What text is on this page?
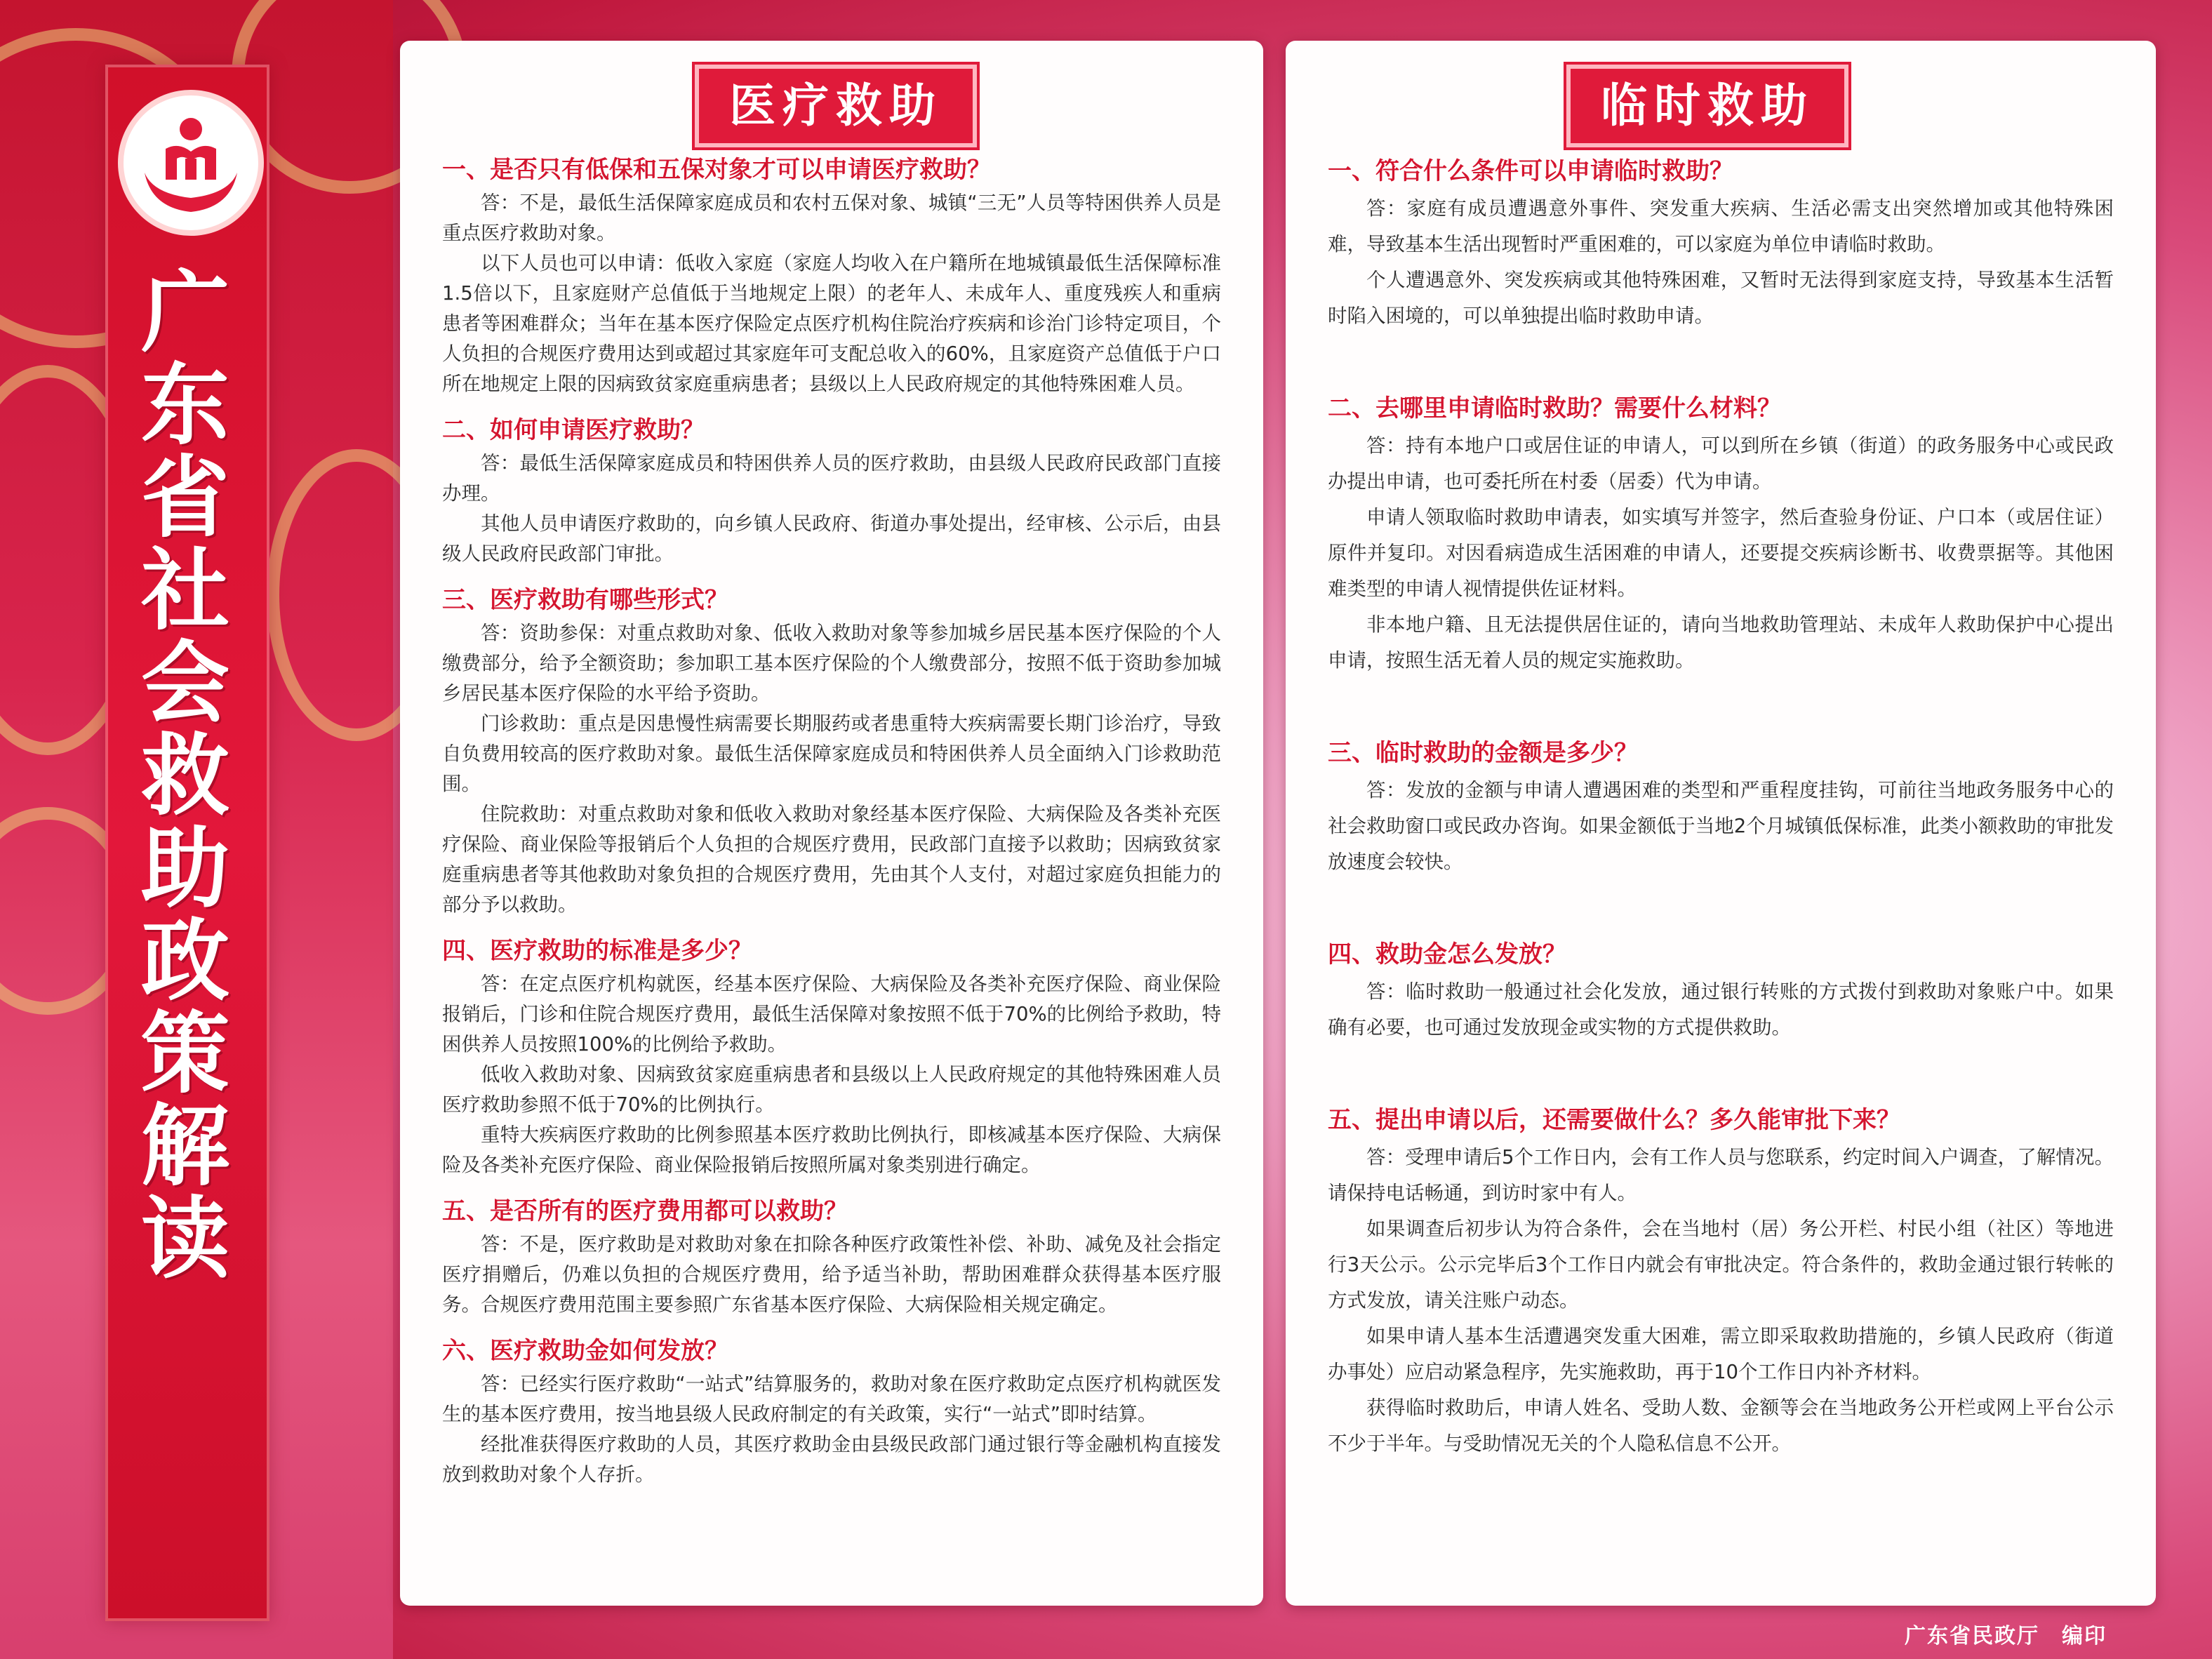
广
东
省
社
会
救
助
政
策
解
读
医疗救助
一、是否只有低保和五保对象才可以申请医疗救助？
答：不是，最低生活保障家庭成员和农村五保对象、城镇“三无”人员等特困供养人员是重点医疗救助对象。
以下人员也可以申请：低收入家庭（家庭人均收入在户籍所在地城镇最低生活保障标准1.5倍以下，且家庭财产总值低于当地规定上限）的老年人、未成年人、重度残疾人和重病患者等困难群众；当年在基本医疗保险定点医疗机构住院治疗疾病和诊治门诊特定项目，个人负担的合规医疗费用达到或超过其家庭年可支配总收入的60%，且家庭资产总值低于户口所在地规定上限的因病致贫家庭重病患者；县级以上人民政府规定的其他特殊困难人员。
二、如何申请医疗救助？
答：最低生活保障家庭成员和特困供养人员的医疗救助，由县级人民政府民政部门直接办理。
其他人员申请医疗救助的，向乡镇人民政府、街道办事处提出，经审核、公示后，由县级人民政府民政部门审批。
三、医疗救助有哪些形式？
答：资助参保：对重点救助对象、低收入救助对象等参加城乡居民基本医疗保险的个人缴费部分，给予全额资助；参加职工基本医疗保险的个人缴费部分，按照不低于资助参加城乡居民基本医疗保险的水平给予资助。
门诊救助：重点是因患慢性病需要长期服药或者患重特大疾病需要长期门诊治疗，导致自负费用较高的医疗救助对象。最低生活保障家庭成员和特困供养人员全面纳入门诊救助范围。
住院救助：对重点救助对象和低收入救助对象经基本医疗保险、大病保险及各类补充医疗保险、商业保险等报销后个人负担的合规医疗费用，民政部门直接予以救助；因病致贫家庭重病患者等其他救助对象负担的合规医疗费用，先由其个人支付，对超过家庭负担能力的部分予以救助。
四、医疗救助的标准是多少？
答：在定点医疗机构就医，经基本医疗保险、大病保险及各类补充医疗保险、商业保险报销后，门诊和住院合规医疗费用，最低生活保障对象按照不低于70%的比例给予救助，特困供养人员按照100%的比例给予救助。
低收入救助对象、因病致贫家庭重病患者和县级以上人民政府规定的其他特殊困难人员医疗救助参照不低于70%的比例执行。
重特大疾病医疗救助的比例参照基本医疗救助比例执行，即核减基本医疗保险、大病保险及各类补充医疗保险、商业保险报销后按照所属对象类别进行确定。
五、是否所有的医疗费用都可以救助？
答：不是，医疗救助是对救助对象在扣除各种医疗政策性补偿、补助、减免及社会指定医疗捐赠后，仍难以负担的合规医疗费用，给予适当补助，帮助困难群众获得基本医疗服务。合规医疗费用范围主要参照广东省基本医疗保险、大病保险相关规定确定。
六、医疗救助金如何发放？
答：已经实行医疗救助“一站式”结算服务的，救助对象在医疗救助定点医疗机构就医发生的基本医疗费用，按当地县级人民政府制定的有关政策，实行“一站式”即时结算。
经批准获得医疗救助的人员，其医疗救助金由县级民政部门通过银行等金融机构直接发放到救助对象个人存折。
临时救助
一、符合什么条件可以申请临时救助？
答：家庭有成员遭遇意外事件、突发重大疾病、生活必需支出突然增加或其他特殊困难，导致基本生活出现暂时严重困难的，可以家庭为单位申请临时救助。
个人遭遇意外、突发疾病或其他特殊困难，又暂时无法得到家庭支持，导致基本生活暂时陷入困境的，可以单独提出临时救助申请。
二、去哪里申请临时救助？需要什么材料？
答：持有本地户口或居住证的申请人，可以到所在乡镇（街道）的政务服务中心或民政办提出申请，也可委托所在村委（居委）代为申请。
申请人领取临时救助申请表，如实填写并签字，然后查验身份证、户口本（或居住证）原件并复印。对因看病造成生活困难的申请人，还要提交疾病诊断书、收费票据等。其他困难类型的申请人视情提供佐证材料。
非本地户籍、且无法提供居住证的，请向当地救助管理站、未成年人救助保护中心提出申请，按照生活无着人员的规定实施救助。
三、临时救助的金额是多少？
答：发放的金额与申请人遭遇困难的类型和严重程度挂钩，可前往当地政务服务中心的社会救助窗口或民政办咨询。如果金额低于当地2个月城镇低保标准，此类小额救助的审批发放速度会较快。
四、救助金怎么发放？
答：临时救助一般通过社会化发放，通过银行转账的方式拨付到救助对象账户中。如果确有必要，也可通过发放现金或实物的方式提供救助。
五、提出申请以后，还需要做什么？多久能审批下来？
答：受理申请后5个工作日内，会有工作人员与您联系，约定时间入户调查，了解情况。请保持电话畅通，到访时家中有人。
如果调查后初步认为符合条件，会在当地村（居）务公开栏、村民小组（社区）等地进行3天公示。公示完毕后3个工作日内就会有审批决定。符合条件的，救助金通过银行转帐的方式发放，请关注账户动态。
如果申请人基本生活遭遇突发重大困难，需立即采取救助措施的，乡镇人民政府（街道办事处）应启动紧急程序，先实施救助，再于10个工作日内补齐材料。
获得临时救助后，申请人姓名、受助人数、金额等会在当地政务公开栏或网上平台公示不少于半年。与受助情况无关的个人隐私信息不公开。
广东省民政厅　编印
